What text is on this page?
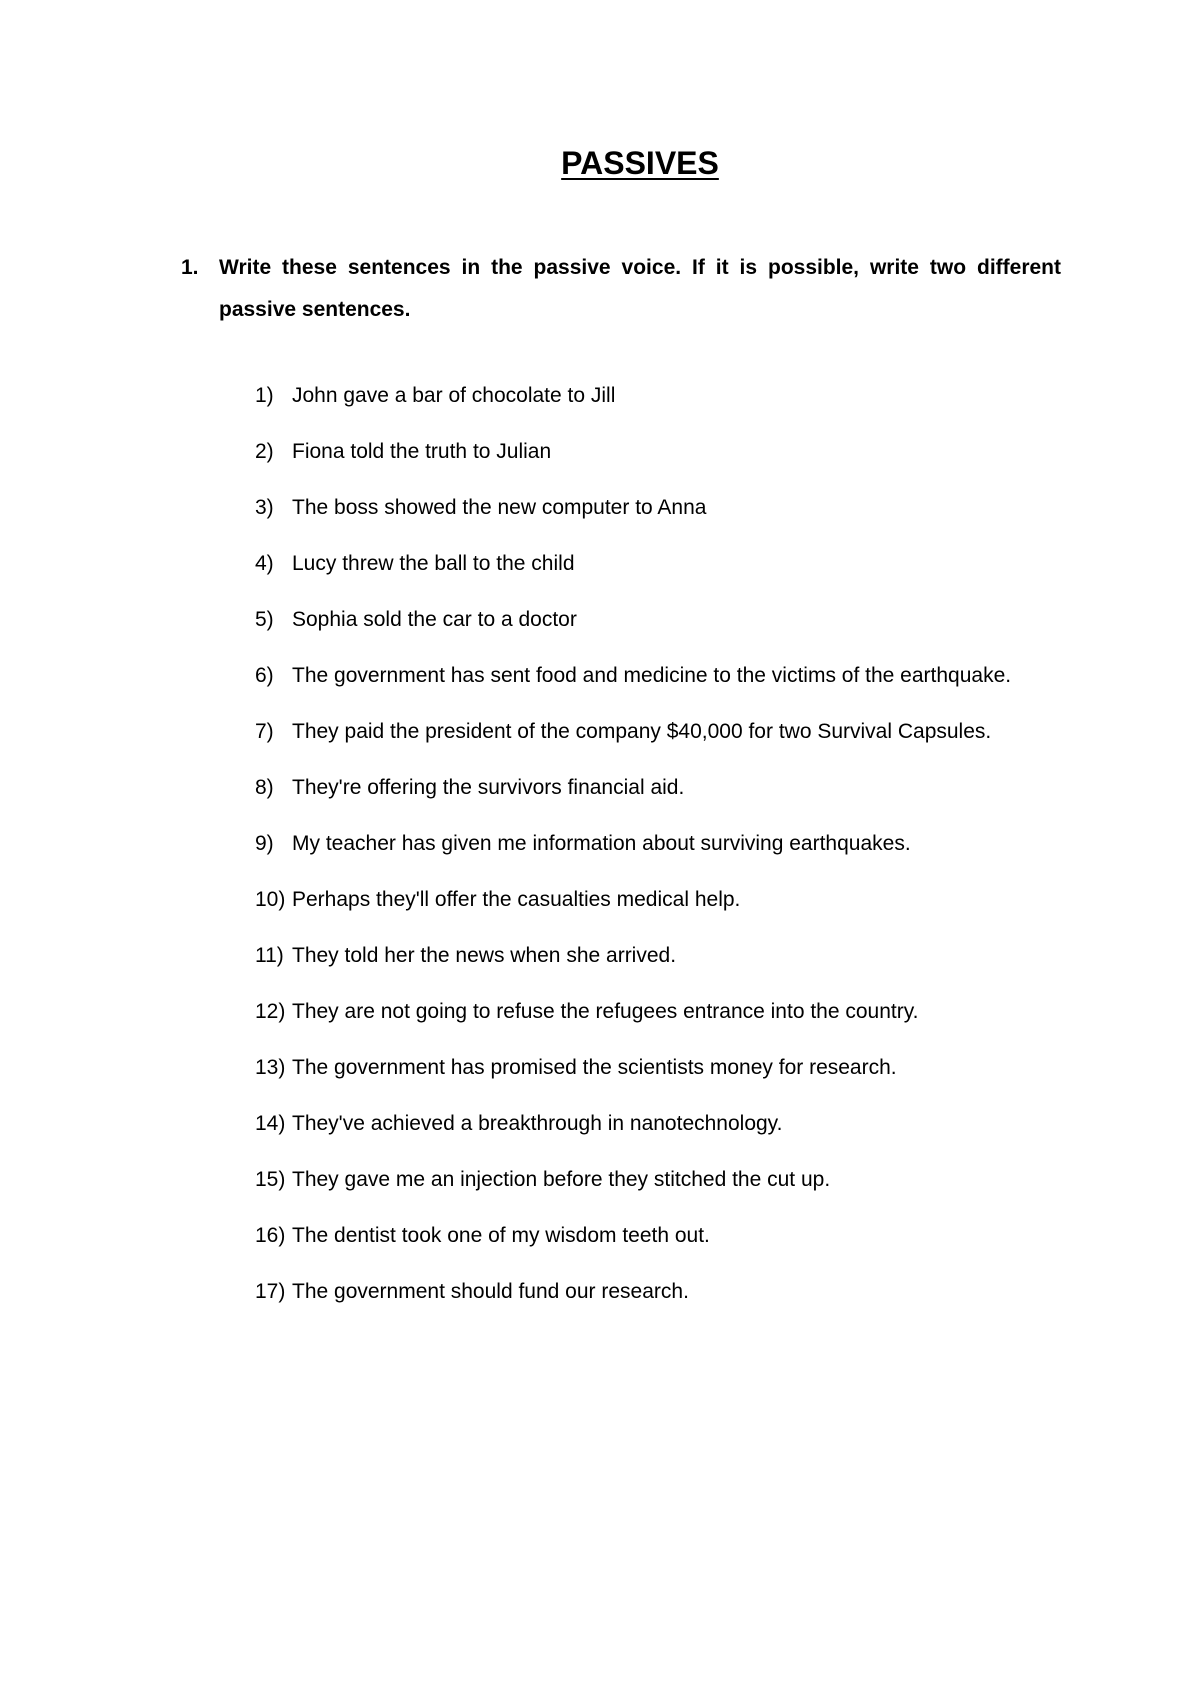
PASSIVES
1. Write these sentences in the passive voice. If it is possible, write two different passive sentences.
1) John gave a bar of chocolate to Jill
2) Fiona told the truth to Julian
3) The boss showed the new computer to Anna
4) Lucy threw the ball to the child
5) Sophia sold the car to a doctor
6) The government has sent food and medicine to the victims of the earthquake.
7) They paid the president of the company $40,000 for two Survival Capsules.
8) They're offering the survivors financial aid.
9) My teacher has given me information about surviving earthquakes.
10) Perhaps they'll offer the casualties medical help.
11) They told her the news when she arrived.
12) They are not going to refuse the refugees entrance into the country.
13) The government has promised the scientists money for research.
14) They've achieved a breakthrough in nanotechnology.
15) They gave me an injection before they stitched the cut up.
16) The dentist took one of my wisdom teeth out.
17) The government should fund our research.
